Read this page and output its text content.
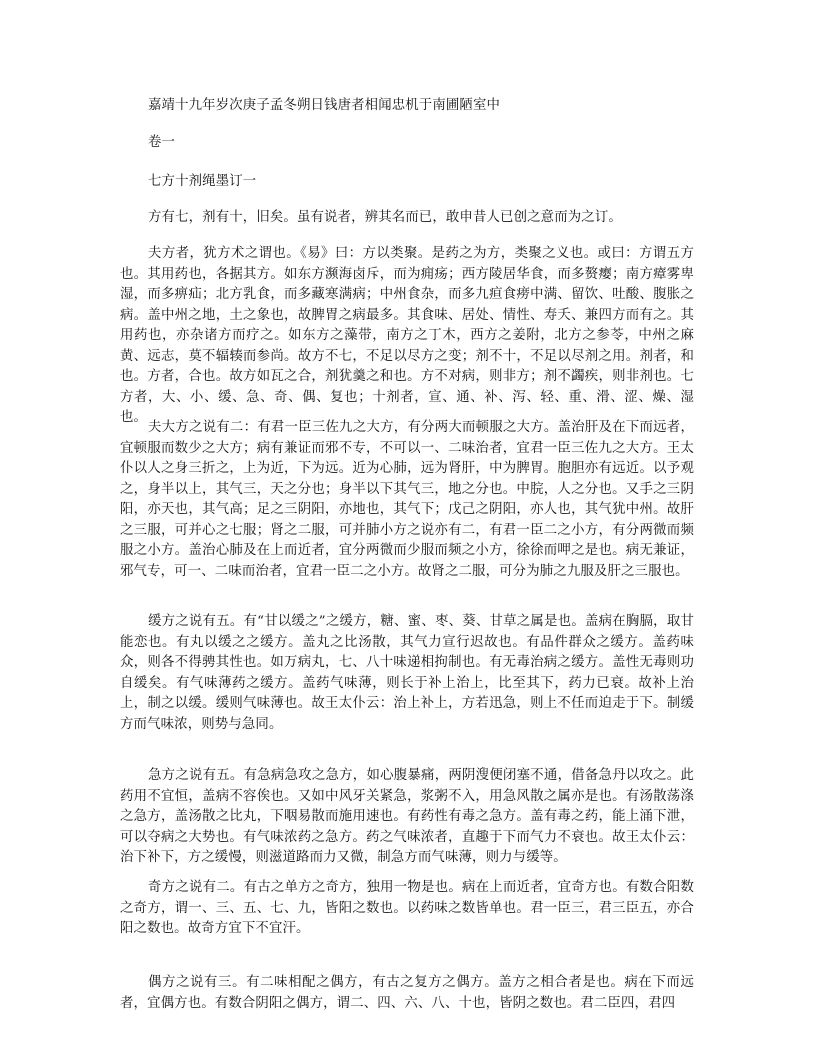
嘉靖十九年岁次庚子孟冬朔日钱唐者相闻忠机于南圃陋室中

卷一

七方十剂绳墨订一

方有七，剂有十，旧矣。虽有说者，辨其名而已，敢申昔人已创之意而为之订。

夫方者，犹方术之谓也。《易》曰：方以类聚。是药之为方，类聚之义也。或曰：方谓五方也。其用药也，各据其方。如东方濒海卤斥，而为痈疡；西方陵居华食，而多赘瘿；南方瘴雾卑湿，而多痹疝；北方乳食，而多藏寒满病；中州食杂，而多九疸食痨中满、留饮、吐酸、腹胀之病。盖中州之地，土之象也，故脾胃之病最多。其食味、居处、情性、寿夭、兼四方而有之。其用药也，亦杂诸方而疗之。如东方之藻带，南方之丁木，西方之姜附，北方之参苓，中州之麻黄、远志，莫不辐辏而参尚。故方不七，不足以尽方之变；剂不十，不足以尽剂之用。剂者，和也。方者，合也。故方如瓦之合，剂犹羹之和也。方不对病，则非方；剂不蠲疾，则非剂也。七方者，大、小、缓、急、奇、偶、复也；十剂者，宣、通、补、泻、轻、重、滑、涩、燥、湿也。

夫大方之说有二：有君一臣三佐九之大方，有分两大而顿服之大方。盖治肝及在下而远者，宜顿服而数少之大方；病有兼证而邪不专，不可以一、二味治者，宜君一臣三佐九之大方。王太仆以人之身三折之，上为近，下为远。近为心肺，远为肾肝，中为脾胃。胞胆亦有远近。以予观之，身半以上，其气三，天之分也；身半以下其气三，地之分也。中脘，人之分也。又手之三阴阳，亦天也，其气高；足之三阴阳，亦地也，其气下；戊己之阴阳，亦人也，其气犹中州。故肝之三服，可并心之七服；肾之二服，可并肺小方之说亦有二，有君一臣二之小方，有分两微而频服之小方。盖治心肺及在上而近者，宜分两微而少服而频之小方，徐徐而呷之是也。病无兼证，邪气专，可一、二味而治者，宜君一臣二之小方。故肾之二服，可分为肺之九服及肝之三服也。

缓方之说有五。有“甘以缓之”之缓方，糖、蜜、枣、葵、甘草之属是也。盖病在胸膈，取甘能恋也。有丸以缓之之缓方。盖丸之比汤散，其气力宣行迟故也。有品件群众之缓方。盖药味众，则各不得骋其性也。如万病丸，七、八十味递相拘制也。有无毒治病之缓方。盖性无毒则功自缓矣。有气味薄药之缓方。盖药气味薄，则长于补上治上，比至其下，药力已衰。故补上治上，制之以缓。缓则气味薄也。故王太仆云：治上补上，方若迅急，则上不任而迫走于下。制缓方而气味浓，则势与急同。

急方之说有五。有急病急攻之急方，如心腹暴痛，两阴溲便闭塞不通，借备急丹以攻之。此药用不宜恒，盖病不容俟也。又如中风牙关紧急，浆粥不入，用急风散之属亦是也。有汤散荡涤之急方，盖汤散之比丸，下咽易散而施用速也。有药性有毒之急方。盖有毒之药，能上涌下泄，可以夺病之大势也。有气味浓药之急方。药之气味浓者，直趣于下而气力不衰也。故王太仆云：治下补下，方之缓慢，则滋道路而力又微，制急方而气味薄，则力与缓等。

奇方之说有二。有古之单方之奇方，独用一物是也。病在上而近者，宜奇方也。有数合阳数之奇方，谓一、三、五、七、九，皆阳之数也。以药味之数皆单也。君一臣三，君三臣五，亦合阳之数也。故奇方宜下不宜汗。

偶方之说有三。有二味相配之偶方，有古之复方之偶方。盖方之相合者是也。病在下而远者，宜偶方也。有数合阴阳之偶方，谓二、四、六、八、十也，皆阴之数也。君二臣四，君四
